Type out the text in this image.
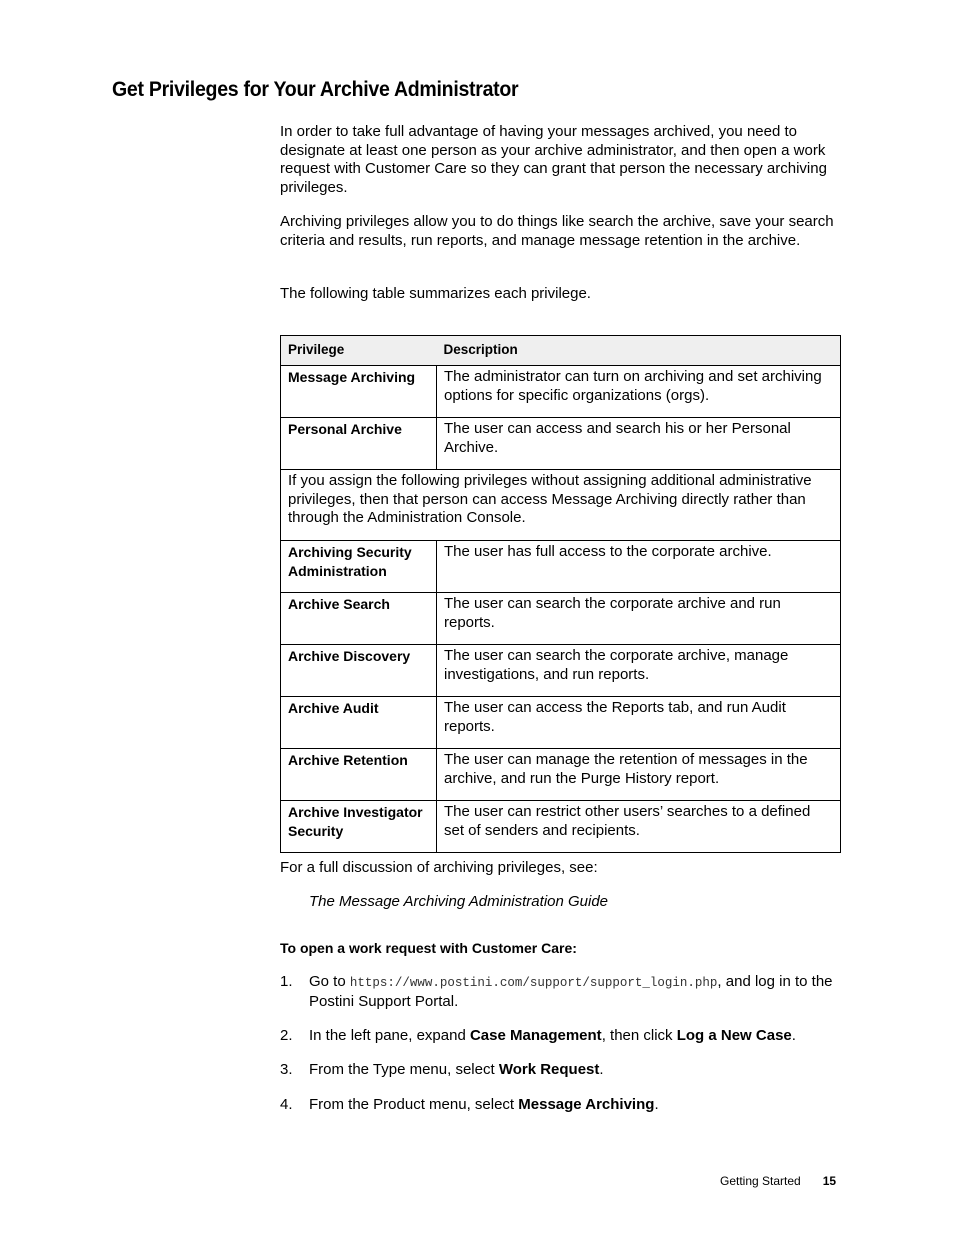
Get Privileges for Your Archive Administrator

In order to take full advantage of having your messages archived, you need to designate at least one person as your archive administrator, and then open a work request with Customer Care so they can grant that person the necessary archiving privileges.

Archiving privileges allow you to do things like search the archive, save your search criteria and results, run reports, and manage message retention in the archive.

The following table summarizes each privilege.

Privilege	Description
Message Archiving	The administrator can turn on archiving and set archiving options for specific organizations (orgs).
Personal Archive	The user can access and search his or her Personal Archive.
If you assign the following privileges without assigning additional administrative privileges, then that person can access Message Archiving directly rather than through the Administration Console.	
Archiving Security Administration	The user has full access to the corporate archive.
Archive Search	The user can search the corporate archive and run reports.
Archive Discovery	The user can search the corporate archive, manage investigations, and run reports.
Archive Audit	The user can access the Reports tab, and run Audit reports.
Archive Retention	The user can manage the retention of messages in the archive, and run the Purge History report.
Archive Investigator Security	The user can restrict other users’ searches to a defined set of senders and recipients.

For a full discussion of archiving privileges, see:

The Message Archiving Administration Guide
To open a work request with Customer Care:
1. Go to https://www.postini.com/support/support_login.php, and log in to the Postini Support Portal.
2. In the left pane, expand Case Management, then click Log a New Case.
3. From the Type menu, select Work Request.
4. From the Product menu, select Message Archiving.
Getting Started 15
